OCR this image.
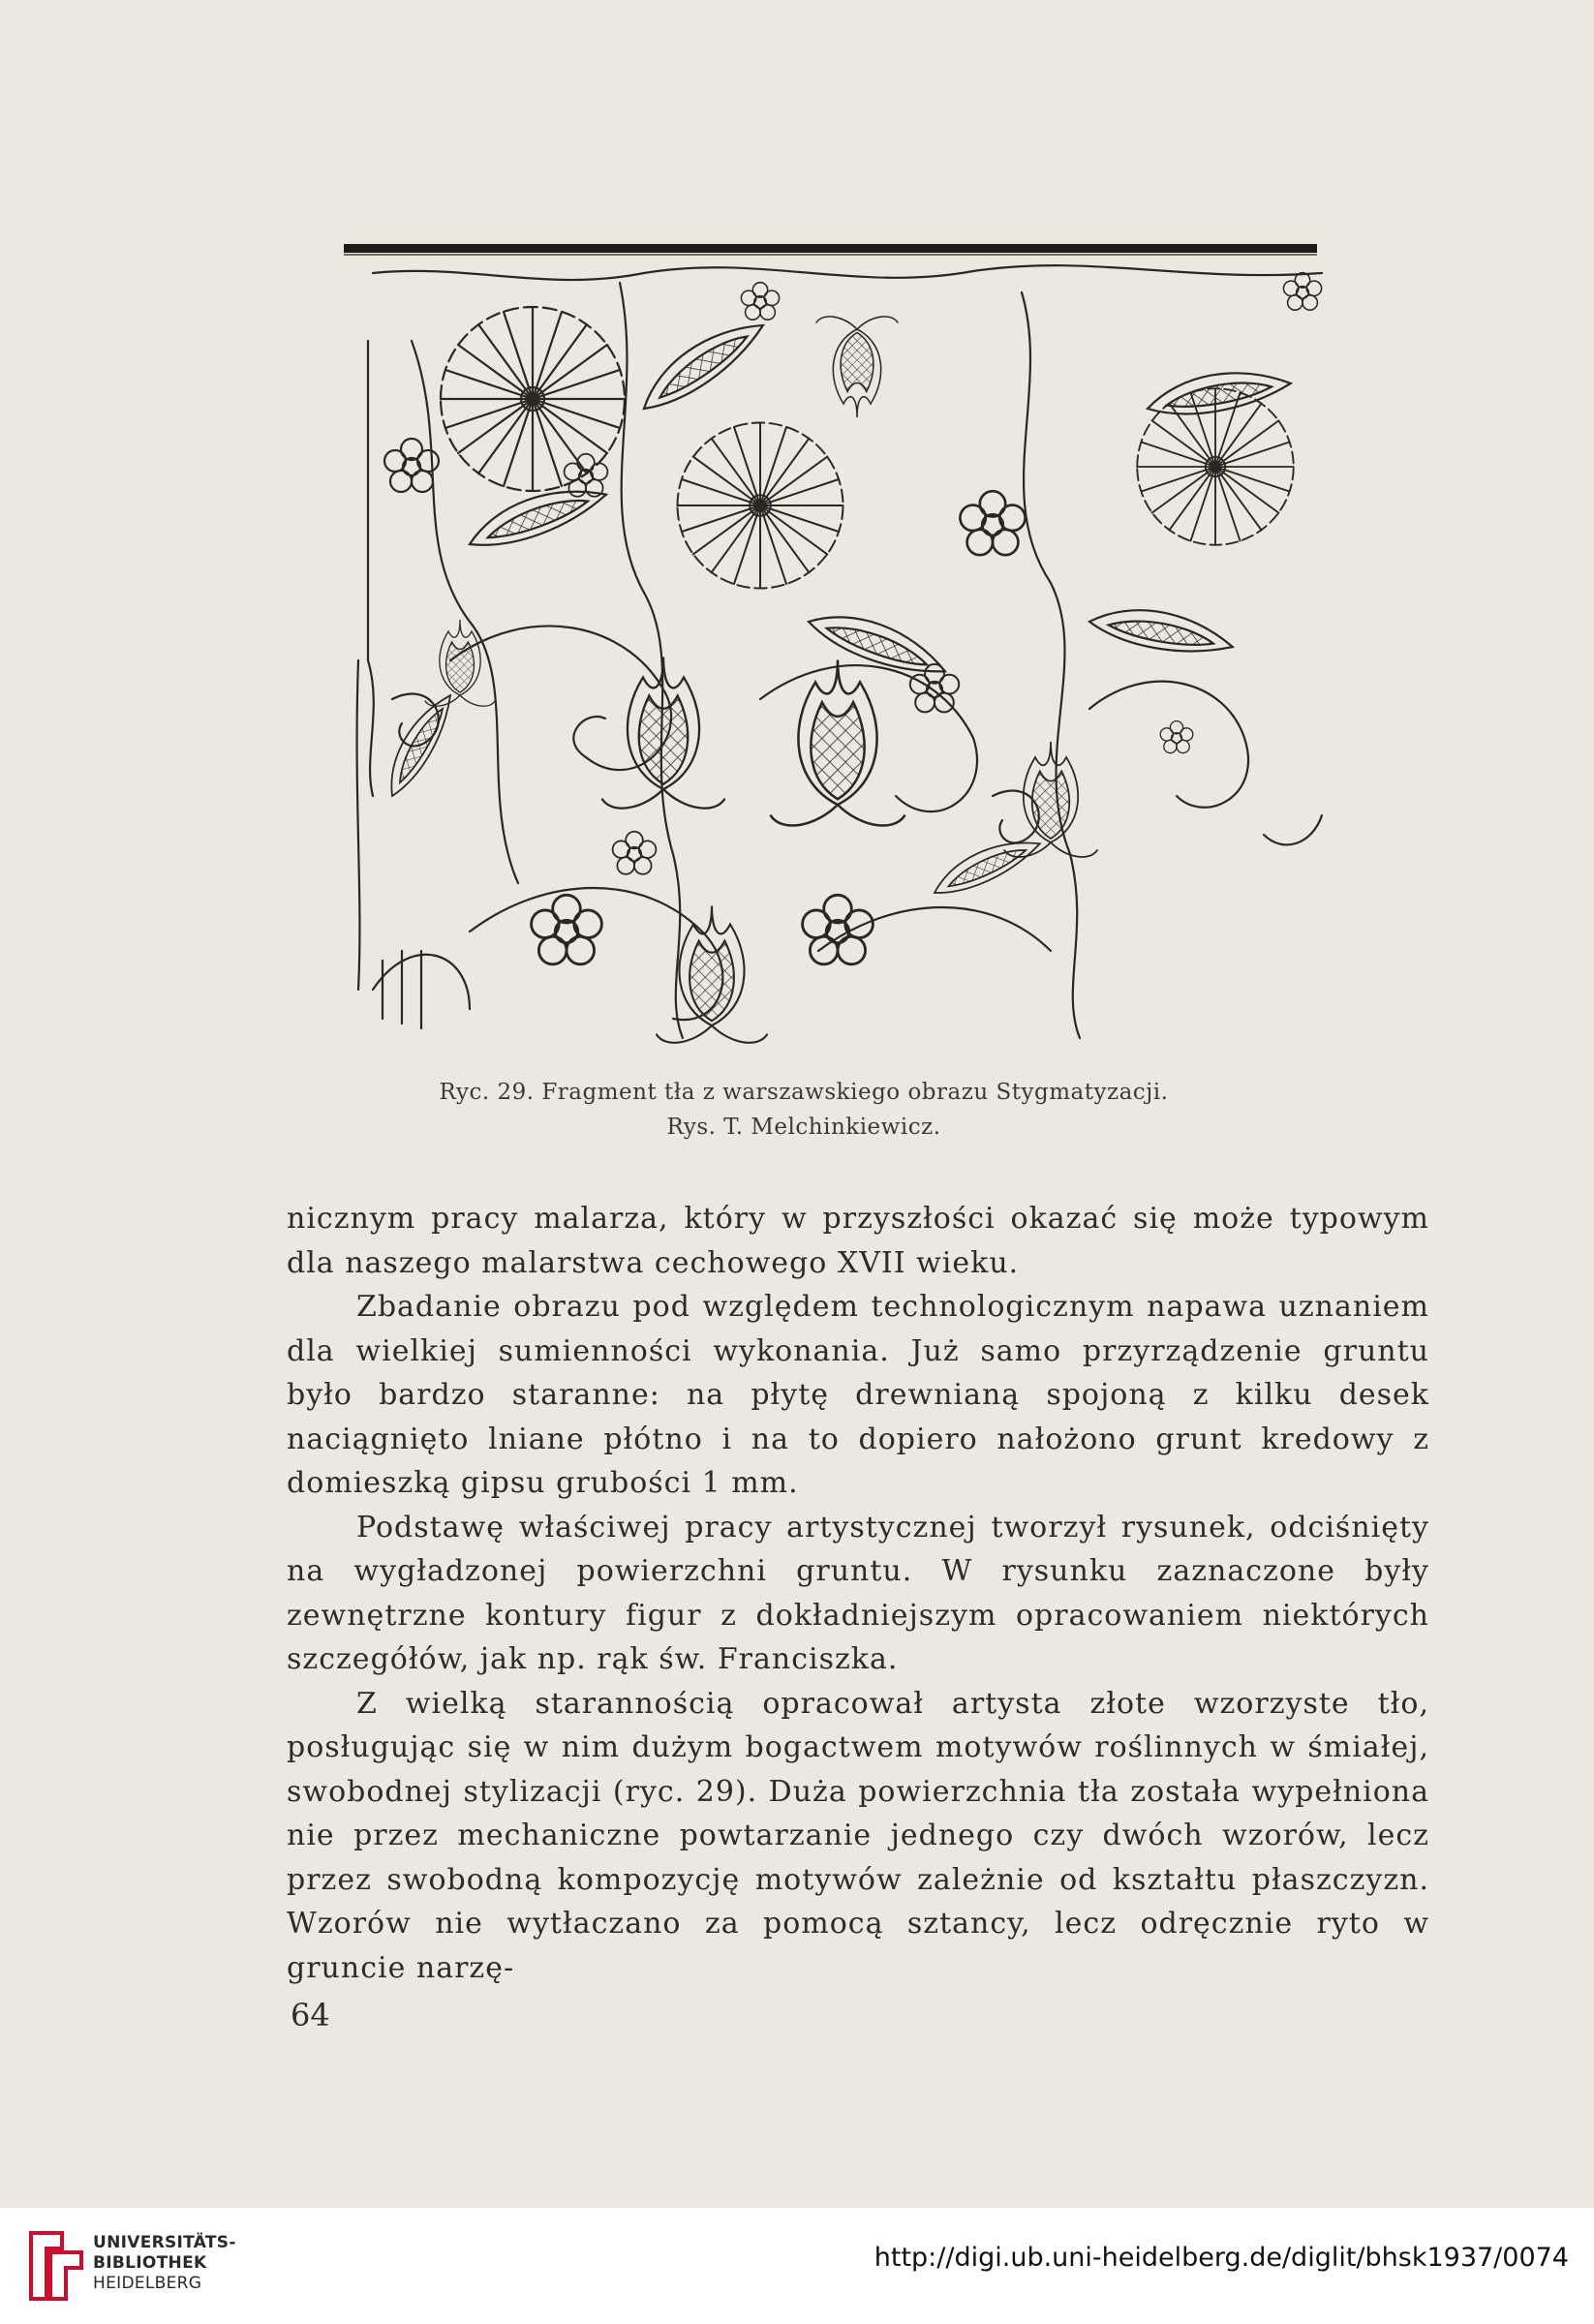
Ryc. 29. Fragment tła z warszawskiego obrazu Stygmatyzacji.
Rys. T. Melchinkiewicz.

nicznym pracy malarza, który w przyszłości okazać się może typowym dla naszego malarstwa cechowego XVII wieku.

Zbadanie obrazu pod względem technologicznym napawa uznaniem dla wielkiej sumienności wykonania. Już samo przyrządzenie gruntu było bardzo staranne: na płytę drewnianą spojoną z kilku desek naciągnięto lniane płótno i na to dopiero nałożono grunt kredowy z domieszką gipsu grubości 1 mm.

Podstawę właściwej pracy artystycznej tworzył rysunek, odciśnięty na wygładzonej powierzchni gruntu. W rysunku zaznaczone były zewnętrzne kontury figur z dokładniejszym opracowaniem niektórych szczegółów, jak np. rąk św. Franciszka.

Z wielką starannością opracował artysta złote wzorzyste tło, posługując się w nim dużym bogactwem motywów roślinnych w śmiałej, swobodnej stylizacji (ryc. 29). Duża powierzchnia tła została wypełniona nie przez mechaniczne powtarzanie jednego czy dwóch wzorów, lecz przez swobodną kompozycję motywów zależnie od kształtu płaszczyzn. Wzorów nie wytłaczano za pomocą sztancy, lecz odręcznie ryto w gruncie narzę-

64
UNIVERSITÄTS-
BIBLIOTHEK
HEIDELBERG
http://digi.ub.uni-heidelberg.de/diglit/bhsk1937/0074
